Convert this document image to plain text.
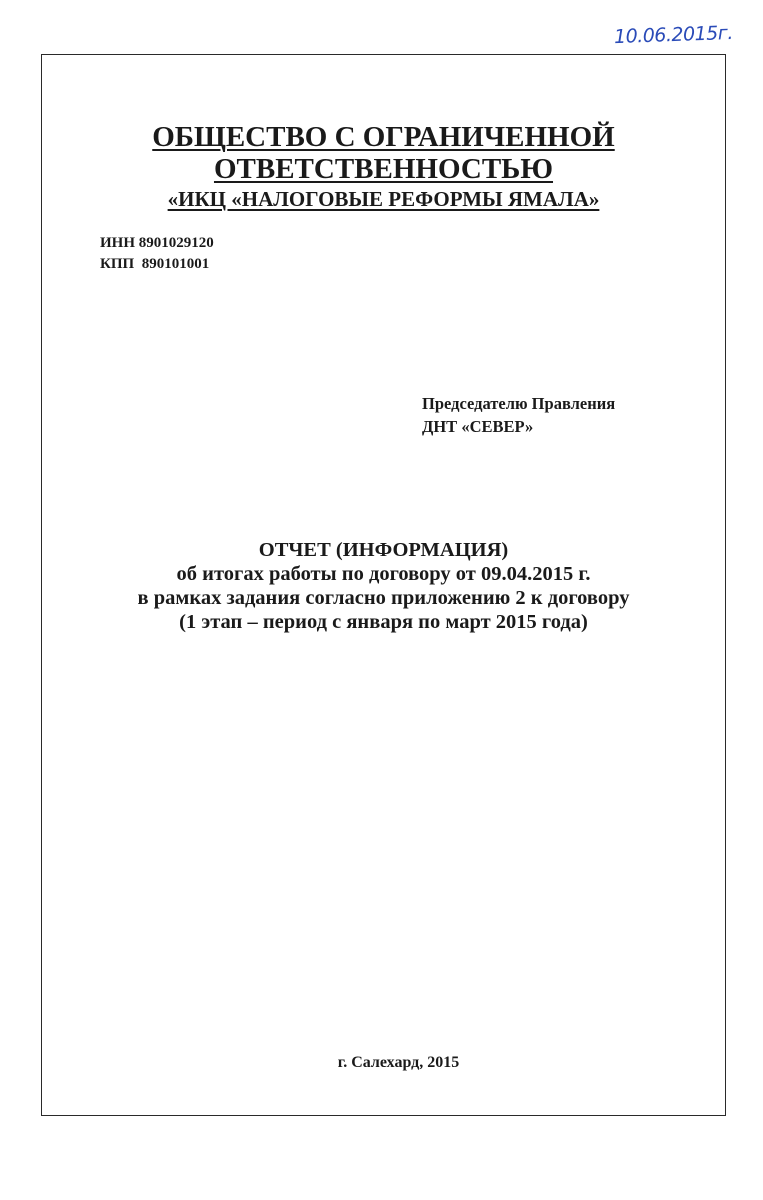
10.06.2015г.
ОБЩЕСТВО С ОГРАНИЧЕННОЙ
ОТВЕТСТВЕННОСТЬЮ
«ИКЦ «НАЛОГОВЫЕ РЕФОРМЫ ЯМАЛА»
ИНН 8901029120
КПП  890101001
Председателю Правления
ДНТ «СЕВЕР»
ОТЧЕТ (ИНФОРМАЦИЯ)
об итогах работы по договору от 09.04.2015 г.
в рамках задания согласно приложению 2 к договору
(1 этап – период с января по март 2015 года)
г. Салехард, 2015
